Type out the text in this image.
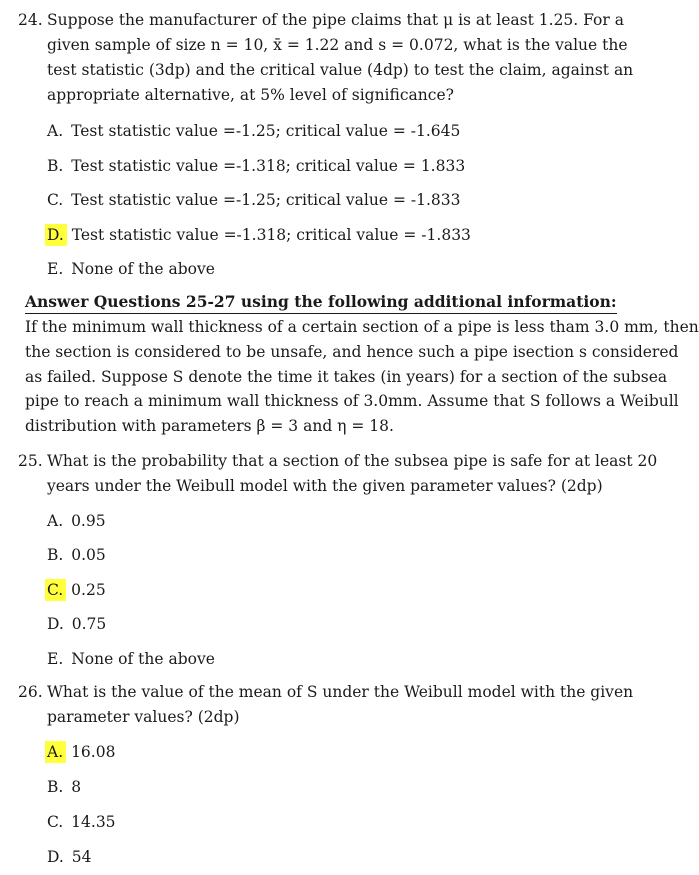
24. Suppose the manufacturer of the pipe claims that μ is at least 1.25. For a
given sample of size n = 10, x̄ = 1.22 and s = 0.072, what is the value the
test statistic (3dp) and the critical value (4dp) to test the claim, against an
appropriate alternative, at 5% level of significance?
A. Test statistic value =-1.25; critical value = -1.645
B. Test statistic value =-1.318; critical value = 1.833
C. Test statistic value =-1.25; critical value = -1.833
D. Test statistic value =-1.318; critical value = -1.833
E. None of the above
Answer Questions 25-27 using the following additional information:
If the minimum wall thickness of a certain section of a pipe is less tham 3.0 mm, then
the section is considered to be unsafe, and hence such a pipe isection s considered
as failed. Suppose S denote the time it takes (in years) for a section of the subsea
pipe to reach a minimum wall thickness of 3.0mm. Assume that S follows a Weibull
distribution with parameters β = 3 and η = 18.
25. What is the probability that a section of the subsea pipe is safe for at least 20
years under the Weibull model with the given parameter values? (2dp)
A. 0.95
B. 0.05
C. 0.25
D. 0.75
E. None of the above
26. What is the value of the mean of S under the Weibull model with the given
parameter values? (2dp)
A. 16.08
B. 8
C. 14.35
D. 54
